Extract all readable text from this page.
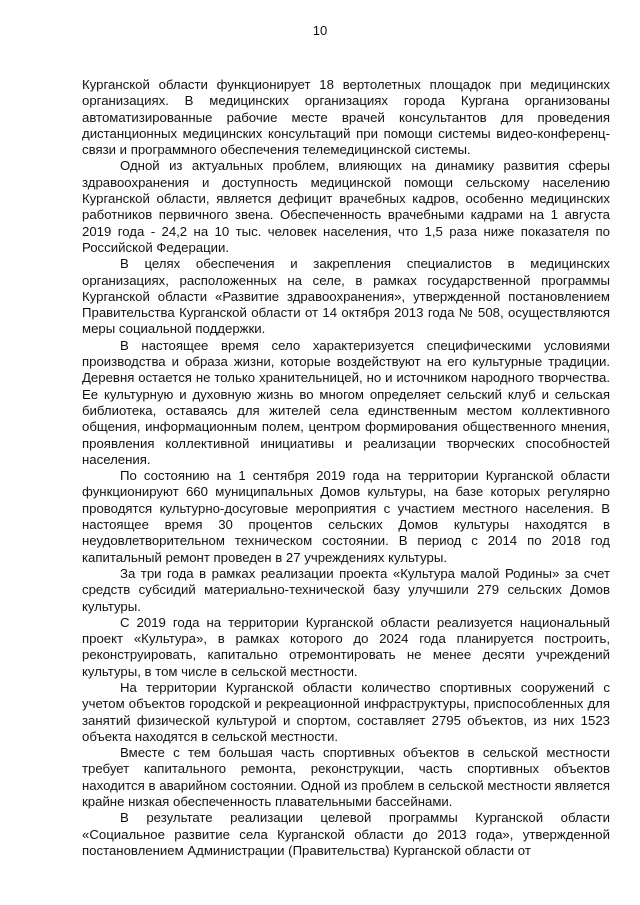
10

Курганской области функционирует 18 вертолетных площадок при медицинских организациях. В медицинских организациях города Кургана организованы автоматизированные рабочие месте врачей консультантов для проведения дистанционных медицинских консультаций при помощи системы видео-конференц-связи и программного обеспечения телемедицинской системы.

Одной из актуальных проблем, влияющих на динамику развития сферы здравоохранения и доступность медицинской помощи сельскому населению Курганской области, является дефицит врачебных кадров, особенно медицинских работников первичного звена. Обеспеченность врачебными кадрами на 1 августа 2019 года - 24,2 на 10 тыс. человек населения, что 1,5 раза ниже показателя по Российской Федерации.

В целях обеспечения и закрепления специалистов в медицинских организациях, расположенных на селе, в рамках государственной программы Курганской области «Развитие здравоохранения», утвержденной постановлением Правительства Курганской области от 14 октября 2013 года № 508, осуществляются меры социальной поддержки.

В настоящее время село характеризуется специфическими условиями производства и образа жизни, которые воздействуют на его культурные традиции. Деревня остается не только хранительницей, но и источником народного творчества. Ее культурную и духовную жизнь во многом определяет сельский клуб и сельская библиотека, оставаясь для жителей села единственным местом коллективного общения, информационным полем, центром формирования общественного мнения, проявления коллективной инициативы и реализации творческих способностей населения.

По состоянию на 1 сентября 2019 года на территории Курганской области функционируют 660 муниципальных Домов культуры, на базе которых регулярно проводятся культурно-досуговые мероприятия с участием местного населения. В настоящее время 30 процентов сельских Домов культуры находятся в неудовлетворительном техническом состоянии. В период с 2014 по 2018 год капитальный ремонт проведен в 27 учреждениях культуры.

За три года в рамках реализации проекта «Культура малой Родины» за счет средств субсидий материально-технической базу улучшили 279 сельских Домов культуры.

С 2019 года на территории Курганской области реализуется национальный проект «Культура», в рамках которого до 2024 года планируется построить, реконструировать, капитально отремонтировать не менее десяти учреждений культуры, в том числе в сельской местности.

На территории Курганской области количество спортивных сооружений с учетом объектов городской и рекреационной инфраструктуры, приспособленных для занятий физической культурой и спортом, составляет 2795 объектов, из них 1523 объекта находятся в сельской местности.

Вместе с тем большая часть спортивных объектов в сельской местности требует капитального ремонта, реконструкции, часть спортивных объектов находится в аварийном состоянии. Одной из проблем в сельской местности является крайне низкая обеспеченность плавательными бассейнами.

В результате реализации целевой программы Курганской области «Социальное развитие села Курганской области до 2013 года», утвержденной постановлением Администрации (Правительства) Курганской области от
